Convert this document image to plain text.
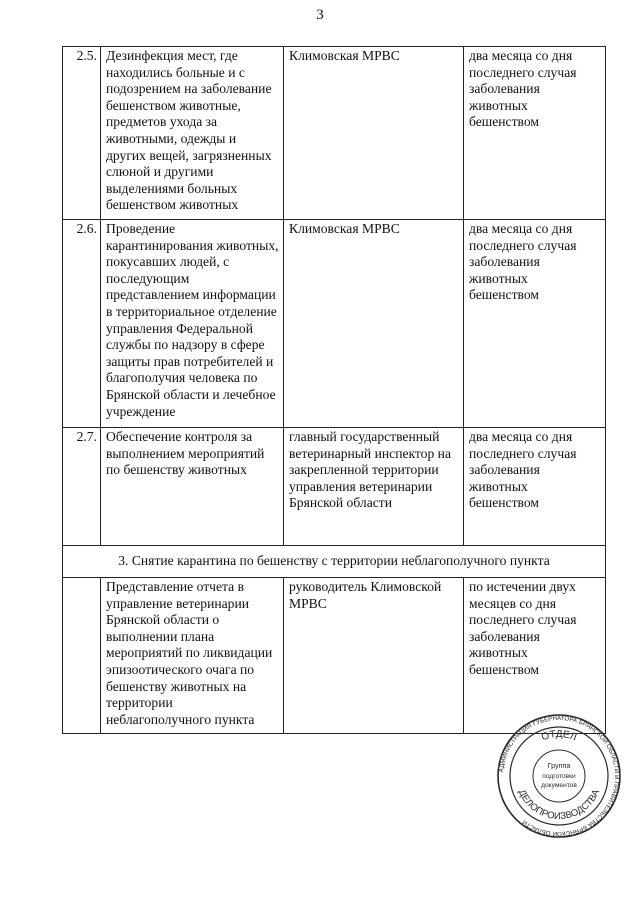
3
2.5.	Дезинфекция мест, где находились больные и с подозрением на заболевание бешенством животные, предметов ухода за животными, одежды и других вещей, загрязненных слюной и другими выделениями больных бешенством животных	Климовская МРВС	два месяца со дня последнего случая заболевания животных бешенством
2.6.	Проведение карантинирования животных, покусавших людей, с последующим представлением информации в территориальное отделение управления Федеральной службы по надзору в сфере защиты прав потребителей и благополучия человека по Брянской области и лечебное учреждение	Климовская МРВС	два месяца со дня последнего случая заболевания животных бешенством
2.7.	Обеспечение контроля за выполнением мероприятий по бешенству животных	главный государственный ветеринарный инспектор на закрепленной территории управления ветеринарии Брянской области	два месяца со дня последнего случая заболевания животных бешенством
3. Снятие карантина по бешенству с территории неблагополучного пункта			
	Представление отчета в управление ветеринарии Брянской области о выполнении плана мероприятий по ликвидации эпизоотического очага по бешенству животных на территории неблагополучного пункта	руководитель Климовской МРВС	по истечении двух месяцев со дня последнего случая заболевания животных бешенством
АДМИНИСТРАЦИЯ ГУБЕРНАТОРА БРЯНСКОЙ ОБЛАСТИ И ПРАВИТЕЛЬСТВА БРЯНСКОЙ ОБЛАСТИ
ОТДЕЛ
ДЕЛОПРОИЗВОДСТВА
Группа
подготовки
документов
